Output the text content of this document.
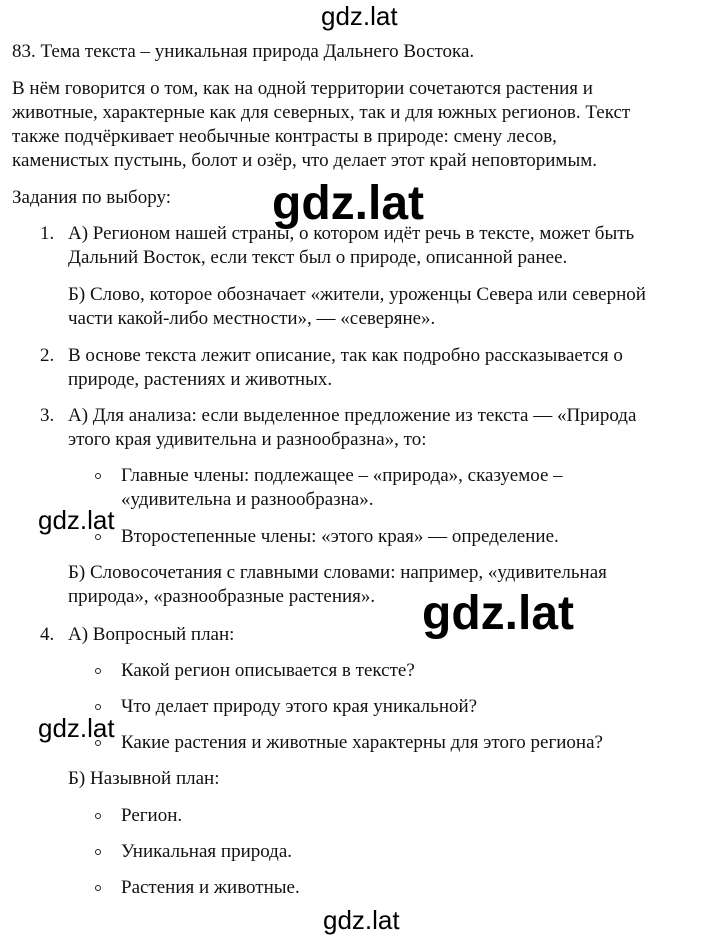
gdz.lat
gdz.lat
gdz.lat
gdz.lat
gdz.lat
gdz.lat
83. Тема текста – уникальная природа Дальнего Востока.
В нём говорится о том, как на одной территории сочетаются растения и
животные, характерные как для северных, так и для южных регионов. Текст
также подчёркивает необычные контрасты в природе: смену лесов,
каменистых пустынь, болот и озёр, что делает этот край неповторимым.
Задания по выбору:
1. А) Регионом нашей страны, о котором идёт речь в тексте, может быть
Дальний Восток, если текст был о природе, описанной ранее.
Б) Слово, которое обозначает «жители, уроженцы Севера или северной
части какой-либо местности», — «северяне».
2. В основе текста лежит описание, так как подробно рассказывается о
природе, растениях и животных.
3. А) Для анализа: если выделенное предложение из текста — «Природа
этого края удивительна и разнообразна», то:
Главные члены: подлежащее – «природа», сказуемое –
«удивительна и разнообразна».
Второстепенные члены: «этого края» — определение.
Б) Словосочетания с главными словами: например, «удивительная
природа», «разнообразные растения».
4. А) Вопросный план:
Какой регион описывается в тексте?
Что делает природу этого края уникальной?
Какие растения и животные характерны для этого региона?
Б) Назывной план:
Регион.
Уникальная природа.
Растения и животные.
